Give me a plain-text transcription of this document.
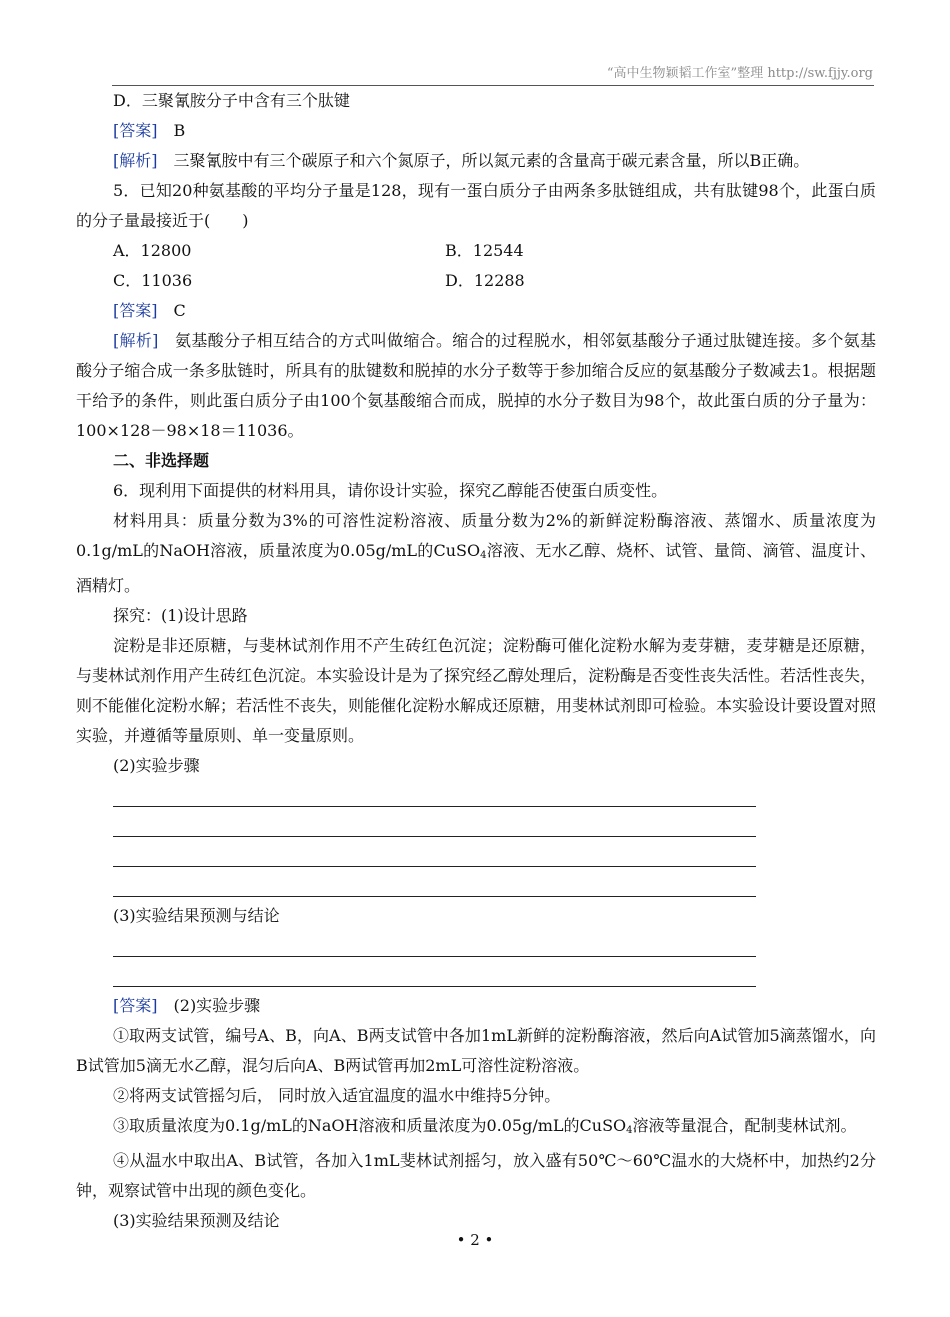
“高中生物颖韬工作室”整理 http://sw.fjjy.org

D．三聚氰胺分子中含有三个肽键

[答案]　 B

[解析]　 三聚氰胺中有三个碳原子和六个氮原子，所以氮元素的含量高于碳元素含量，所以B正确。

5．已知20种氨基酸的平均分子量是128，现有一蛋白质分子由两条多肽链组成，共有肽键98个，此蛋白质的分子量最接近于(　　)

A．12800	B．12544
C．11036	D．12288

[答案]　 C

[解析]　 氨基酸分子相互结合的方式叫做缩合。缩合的过程脱水，相邻氨基酸分子通过肽键连接。多个氨基酸分子缩合成一条多肽链时，所具有的肽键数和脱掉的水分子数等于参加缩合反应的氨基酸分子数减去1。根据题干给予的条件，则此蛋白质分子由100个氨基酸缩合而成，脱掉的水分子数目为98个，故此蛋白质的分子量为：100×128－98×18＝11036。

二、非选择题

6．现利用下面提供的材料用具，请你设计实验，探究乙醇能否使蛋白质变性。

材料用具：质量分数为3%的可溶性淀粉溶液、质量分数为2%的新鲜淀粉酶溶液、蒸馏水、质量浓度为0.1g/mL的NaOH溶液，质量浓度为0.05g/mL的CuSO$_4$溶液、无水乙醇、烧杯、试管、量筒、滴管、温度计、酒精灯。

探究：(1)设计思路

淀粉是非还原糖，与斐林试剂作用不产生砖红色沉淀；淀粉酶可催化淀粉水解为麦芽糖，麦芽糖是还原糖，与斐林试剂作用产生砖红色沉淀。本实验设计是为了探究经乙醇处理后，淀粉酶是否变性丧失活性。若活性丧失，则不能催化淀粉水解；若活性不丧失，则能催化淀粉水解成还原糖，用斐林试剂即可检验。本实验设计要设置对照实验，并遵循等量原则、单一变量原则。

(2)实验步骤

(3)实验结果预测与结论

[答案]　 (2)实验步骤

①取两支试管，编号A、B，向A、B两支试管中各加1mL新鲜的淀粉酶溶液，然后向A试管加5滴蒸馏水，向B试管加5滴无水乙醇，混匀后向A、B两试管再加2mL可溶性淀粉溶液。

②将两支试管摇匀后， 同时放入适宜温度的温水中维持5分钟。

③取质量浓度为0.1g/mL的NaOH溶液和质量浓度为0.05g/mL的CuSO$_4$溶液等量混合，配制斐林试剂。

④从温水中取出A、B试管，各加入1mL斐林试剂摇匀，放入盛有50℃～60℃温水的大烧杯中，加热约2分钟，观察试管中出现的颜色变化。

(3)实验结果预测及结论

• 2 •
